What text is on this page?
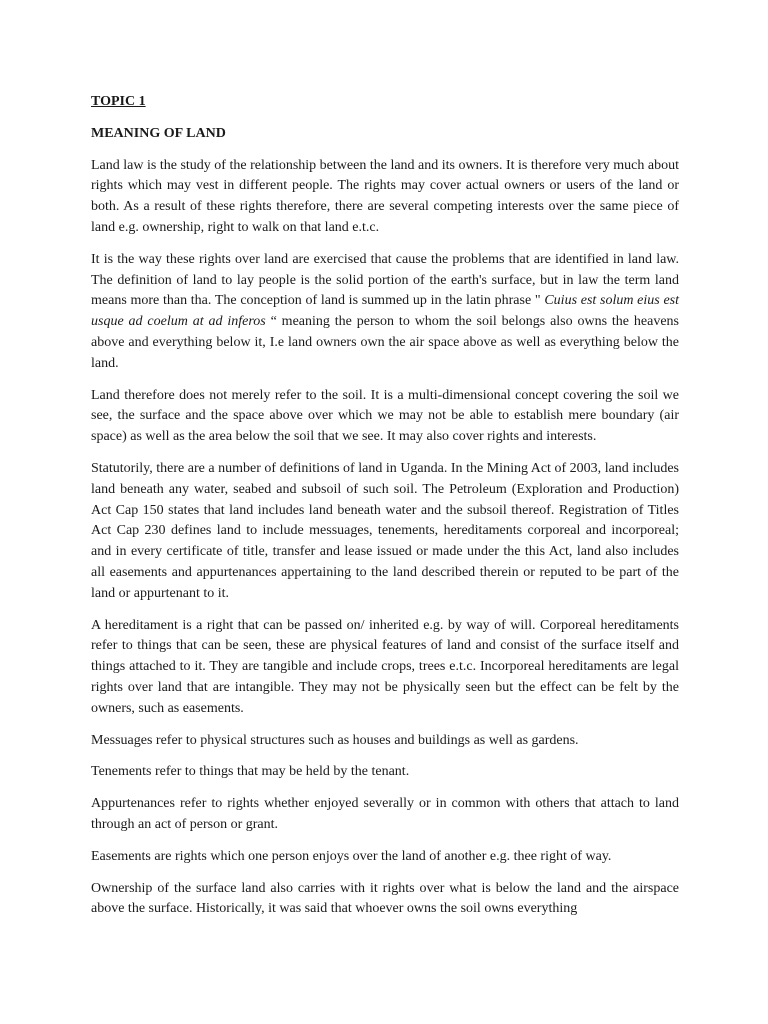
TOPIC 1
MEANING OF LAND

Land law is the study of the relationship between the land and its owners. It is therefore very much about rights which may vest in different people. The rights may cover actual owners or users of the land or both. As a result of these rights therefore, there are several competing interests over the same piece of land e.g. ownership, right to walk on that land e.t.c.

It is the way these rights over land are exercised that cause the problems that are identified in land law. The definition of land to lay people is the solid portion of the earth's surface, but in law the term land means more than tha. The conception of land is summed up in the latin phrase " Cuius est solum eius est usque ad coelum at ad inferos “ meaning the person to whom the soil belongs also owns the heavens above and everything below it, I.e land owners own the air space above as well as everything below the land.

Land therefore does not merely refer to the soil. It is a multi-dimensional concept covering the soil we see, the surface and the space above over which we may not be able to establish mere boundary (air space) as well as the area below the soil that we see. It may also cover rights and interests.

Statutorily, there are a number of definitions of land in Uganda. In the Mining Act of 2003, land includes land beneath any water, seabed and subsoil of such soil. The Petroleum (Exploration and Production) Act Cap 150 states that land includes land beneath water and the subsoil thereof. Registration of Titles Act Cap 230 defines land to include messuages, tenements, hereditaments corporeal and incorporeal; and in every certificate of title, transfer and lease issued or made under the this Act, land also includes all easements and appurtenances appertaining to the land described therein or reputed to be part of the land or appurtenant to it.

A hereditament is a right that can be passed on/ inherited e.g. by way of will. Corporeal hereditaments refer to things that can be seen, these are physical features of land and consist of the surface itself and things attached to it. They are tangible and include crops, trees e.t.c. Incorporeal hereditaments are legal rights over land that are intangible. They may not be physically seen but the effect can be felt by the owners, such as easements.

Messuages refer to physical structures such as houses and buildings as well as gardens.

Tenements refer to things that may be held by the tenant.

Appurtenances refer to rights whether enjoyed severally or in common with others that attach to land through an act of person or grant.

Easements are rights which one person enjoys over the land of another e.g. thee right of way.

Ownership of the surface land also carries with it rights over what is below the land and the airspace above the surface. Historically, it was said that whoever owns the soil owns everything
